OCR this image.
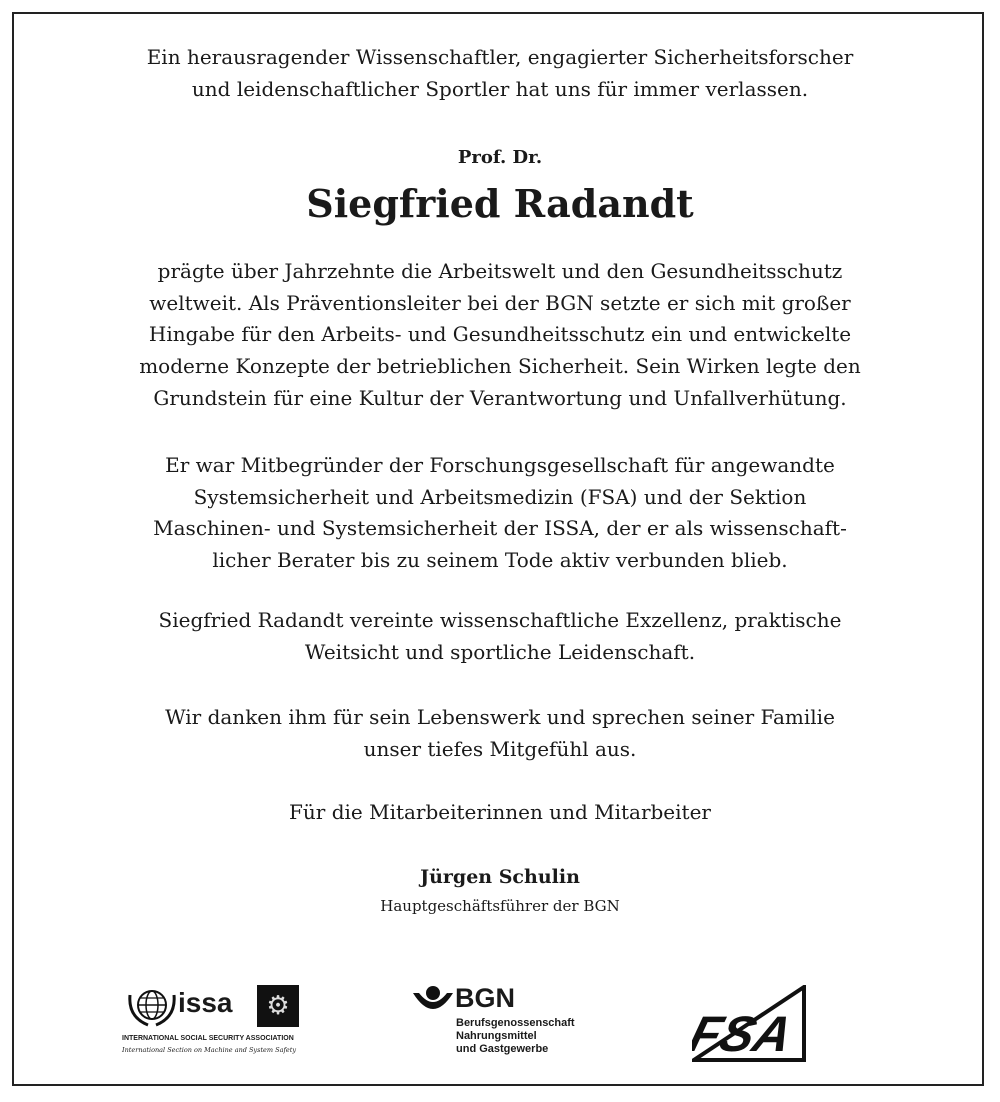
Ein herausragender Wissenschaftler, engagierter Sicherheitsforscher
und leidenschaftlicher Sportler hat uns für immer verlassen.
Prof. Dr.
Siegfried Radandt
prägte über Jahrzehnte die Arbeitswelt und den Gesundheitsschutz
weltweit. Als Präventionsleiter bei der BGN setzte er sich mit großer
Hingabe für den Arbeits- und Gesundheitsschutz ein und entwickelte
moderne Konzepte der betrieblichen Sicherheit. Sein Wirken legte den
Grundstein für eine Kultur der Verantwortung und Unfallverhütung.
Er war Mitbegründer der Forschungsgesellschaft für angewandte
Systemsicherheit und Arbeitsmedizin (FSA) und der Sektion
Maschinen- und Systemsicherheit der ISSA, der er als wissenschaft-
licher Berater bis zu seinem Tode aktiv verbunden blieb.
Siegfried Radandt vereinte wissenschaftliche Exzellenz, praktische
Weitsicht und sportliche Leidenschaft.
Wir danken ihm für sein Lebenswerk und sprechen seiner Familie
unser tiefes Mitgefühl aus.
Für die Mitarbeiterinnen und Mitarbeiter
Jürgen Schulin
Hauptgeschäftsführer der BGN
issa	⚙
INTERNATIONAL SOCIAL SECURITY ASSOCIATION
International Section on Machine and System Safety
BGN
Berufsgenossenschaft
Nahrungsmittel
und Gastgewerbe	FSA
